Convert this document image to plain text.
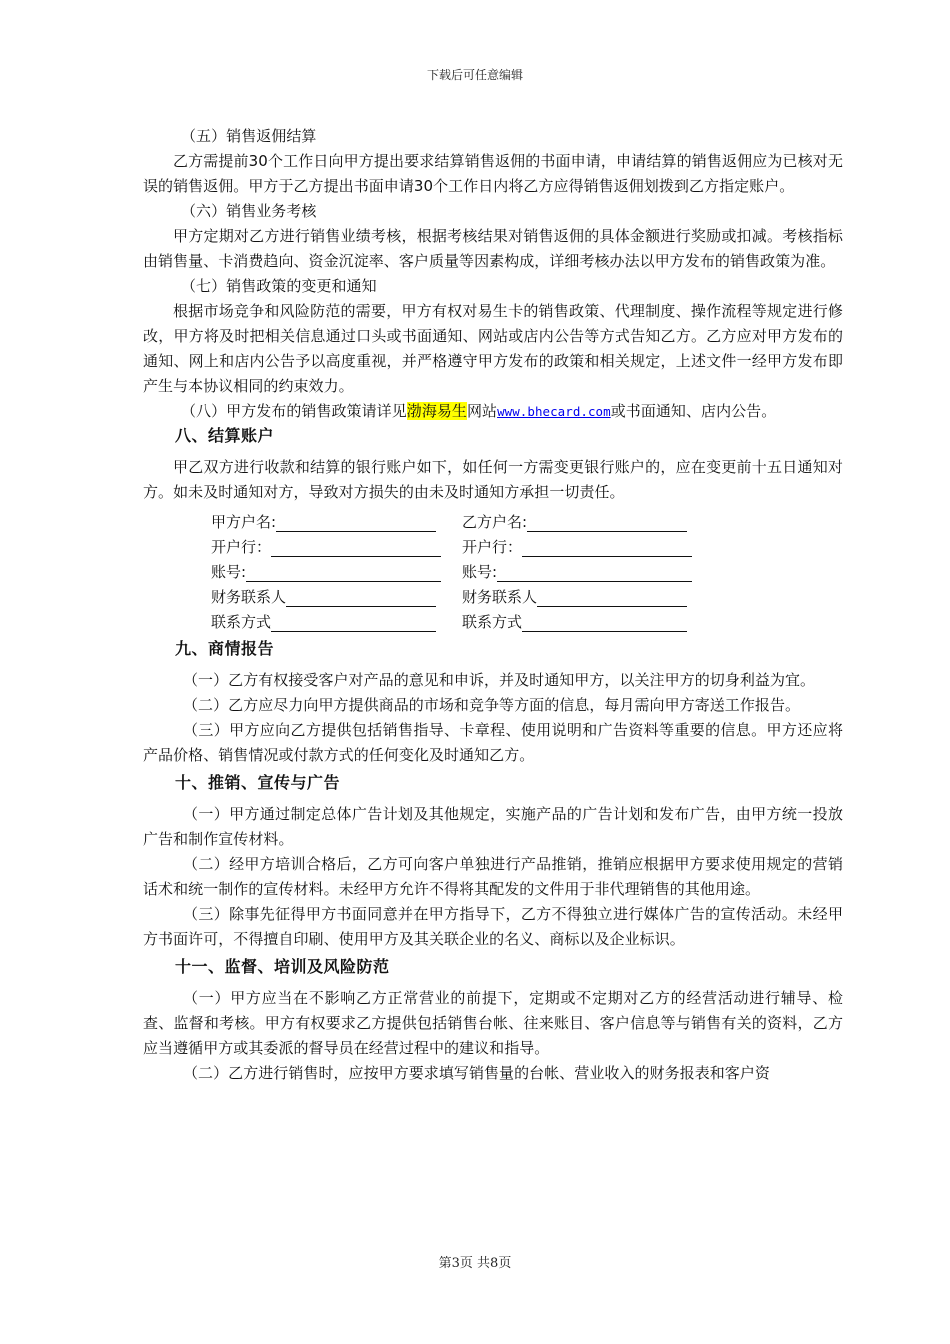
下载后可任意编辑

（五）销售返佣结算

乙方需提前30个工作日向甲方提出要求结算销售返佣的书面申请，申请结算的销售返佣应为已核对无误的销售返佣。甲方于乙方提出书面申请30个工作日内将乙方应得销售返佣划拨到乙方指定账户。

（六）销售业务考核

甲方定期对乙方进行销售业绩考核，根据考核结果对销售返佣的具体金额进行奖励或扣减。考核指标由销售量、卡消费趋向、资金沉淀率、客户质量等因素构成，详细考核办法以甲方发布的销售政策为准。

（七）销售政策的变更和通知

根据市场竞争和风险防范的需要，甲方有权对易生卡的销售政策、代理制度、操作流程等规定进行修改，甲方将及时把相关信息通过口头或书面通知、网站或店内公告等方式告知乙方。乙方应对甲方发布的通知、网上和店内公告予以高度重视，并严格遵守甲方发布的政策和相关规定，上述文件一经甲方发布即产生与本协议相同的约束效力。

（八）甲方发布的销售政策请详见渤海易生网站www.bhecard.com或书面通知、店内公告。

八、结算账户

甲乙双方进行收款和结算的银行账户如下，如任何一方需变更银行账户的，应在变更前十五日通知对方。如未及时通知对方，导致对方损失的由未及时通知方承担一切责任。

甲方户名:	乙方户名:
开户行：	开户行：
账号:	账号:
财务联系人	财务联系人
联系方式	联系方式

九、商情报告

（一）乙方有权接受客户对产品的意见和申诉，并及时通知甲方，以关注甲方的切身利益为宜。

（二）乙方应尽力向甲方提供商品的市场和竞争等方面的信息，每月需向甲方寄送工作报告。

（三）甲方应向乙方提供包括销售指导、卡章程、使用说明和广告资料等重要的信息。甲方还应将产品价格、销售情况或付款方式的任何变化及时通知乙方。

十、推销、宣传与广告

（一）甲方通过制定总体广告计划及其他规定，实施产品的广告计划和发布广告，由甲方统一投放广告和制作宣传材料。

（二）经甲方培训合格后，乙方可向客户单独进行产品推销，推销应根据甲方要求使用规定的营销话术和统一制作的宣传材料。未经甲方允许不得将其配发的文件用于非代理销售的其他用途。

（三）除事先征得甲方书面同意并在甲方指导下，乙方不得独立进行媒体广告的宣传活动。未经甲方书面许可，不得擅自印刷、使用甲方及其关联企业的名义、商标以及企业标识。

十一、监督、培训及风险防范

（一）甲方应当在不影响乙方正常营业的前提下，定期或不定期对乙方的经营活动进行辅导、检查、监督和考核。甲方有权要求乙方提供包括销售台帐、往来账目、客户信息等与销售有关的资料，乙方应当遵循甲方或其委派的督导员在经营过程中的建议和指导。

（二）乙方进行销售时，应按甲方要求填写销售量的台帐、营业收入的财务报表和客户资

第3页 共8页
